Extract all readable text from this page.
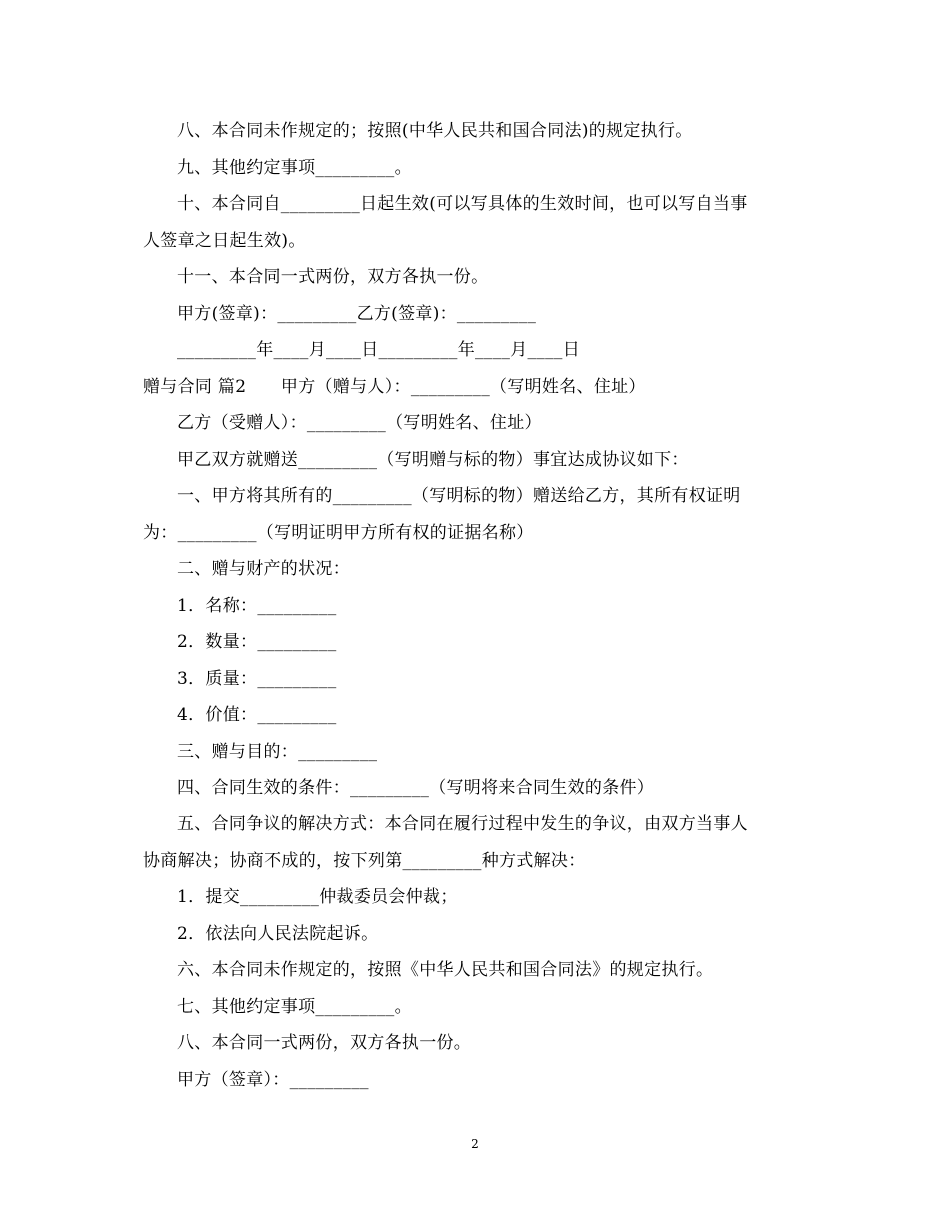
八、本合同未作规定的；按照(中华人民共和国合同法)的规定执行。
九、其他约定事项_________。
十、本合同自_________日起生效(可以写具体的生效时间，也可以写自当事
人签章之日起生效)。
十一、本合同一式两份，双方各执一份。
甲方(签章)：_________乙方(签章)：_________
_________年____月____日_________年____月____日
赠与合同 篇2　　甲方（赠与人）：_________（写明姓名、住址）
乙方（受赠人）：_________（写明姓名、住址）
甲乙双方就赠送_________（写明赠与标的物）事宜达成协议如下：
一、甲方将其所有的_________（写明标的物）赠送给乙方，其所有权证明
为：_________（写明证明甲方所有权的证据名称）
二、赠与财产的状况：
1．名称：_________
2．数量：_________
3．质量：_________
4．价值：_________
三、赠与目的：_________
四、合同生效的条件：_________（写明将来合同生效的条件）
五、合同争议的解决方式：本合同在履行过程中发生的争议，由双方当事人
协商解决；协商不成的，按下列第_________种方式解决：
1．提交_________仲裁委员会仲裁；
2．依法向人民法院起诉。
六、本合同未作规定的，按照《中华人民共和国合同法》的规定执行。
七、其他约定事项_________。
八、本合同一式两份，双方各执一份。
甲方（签章）：_________
2
